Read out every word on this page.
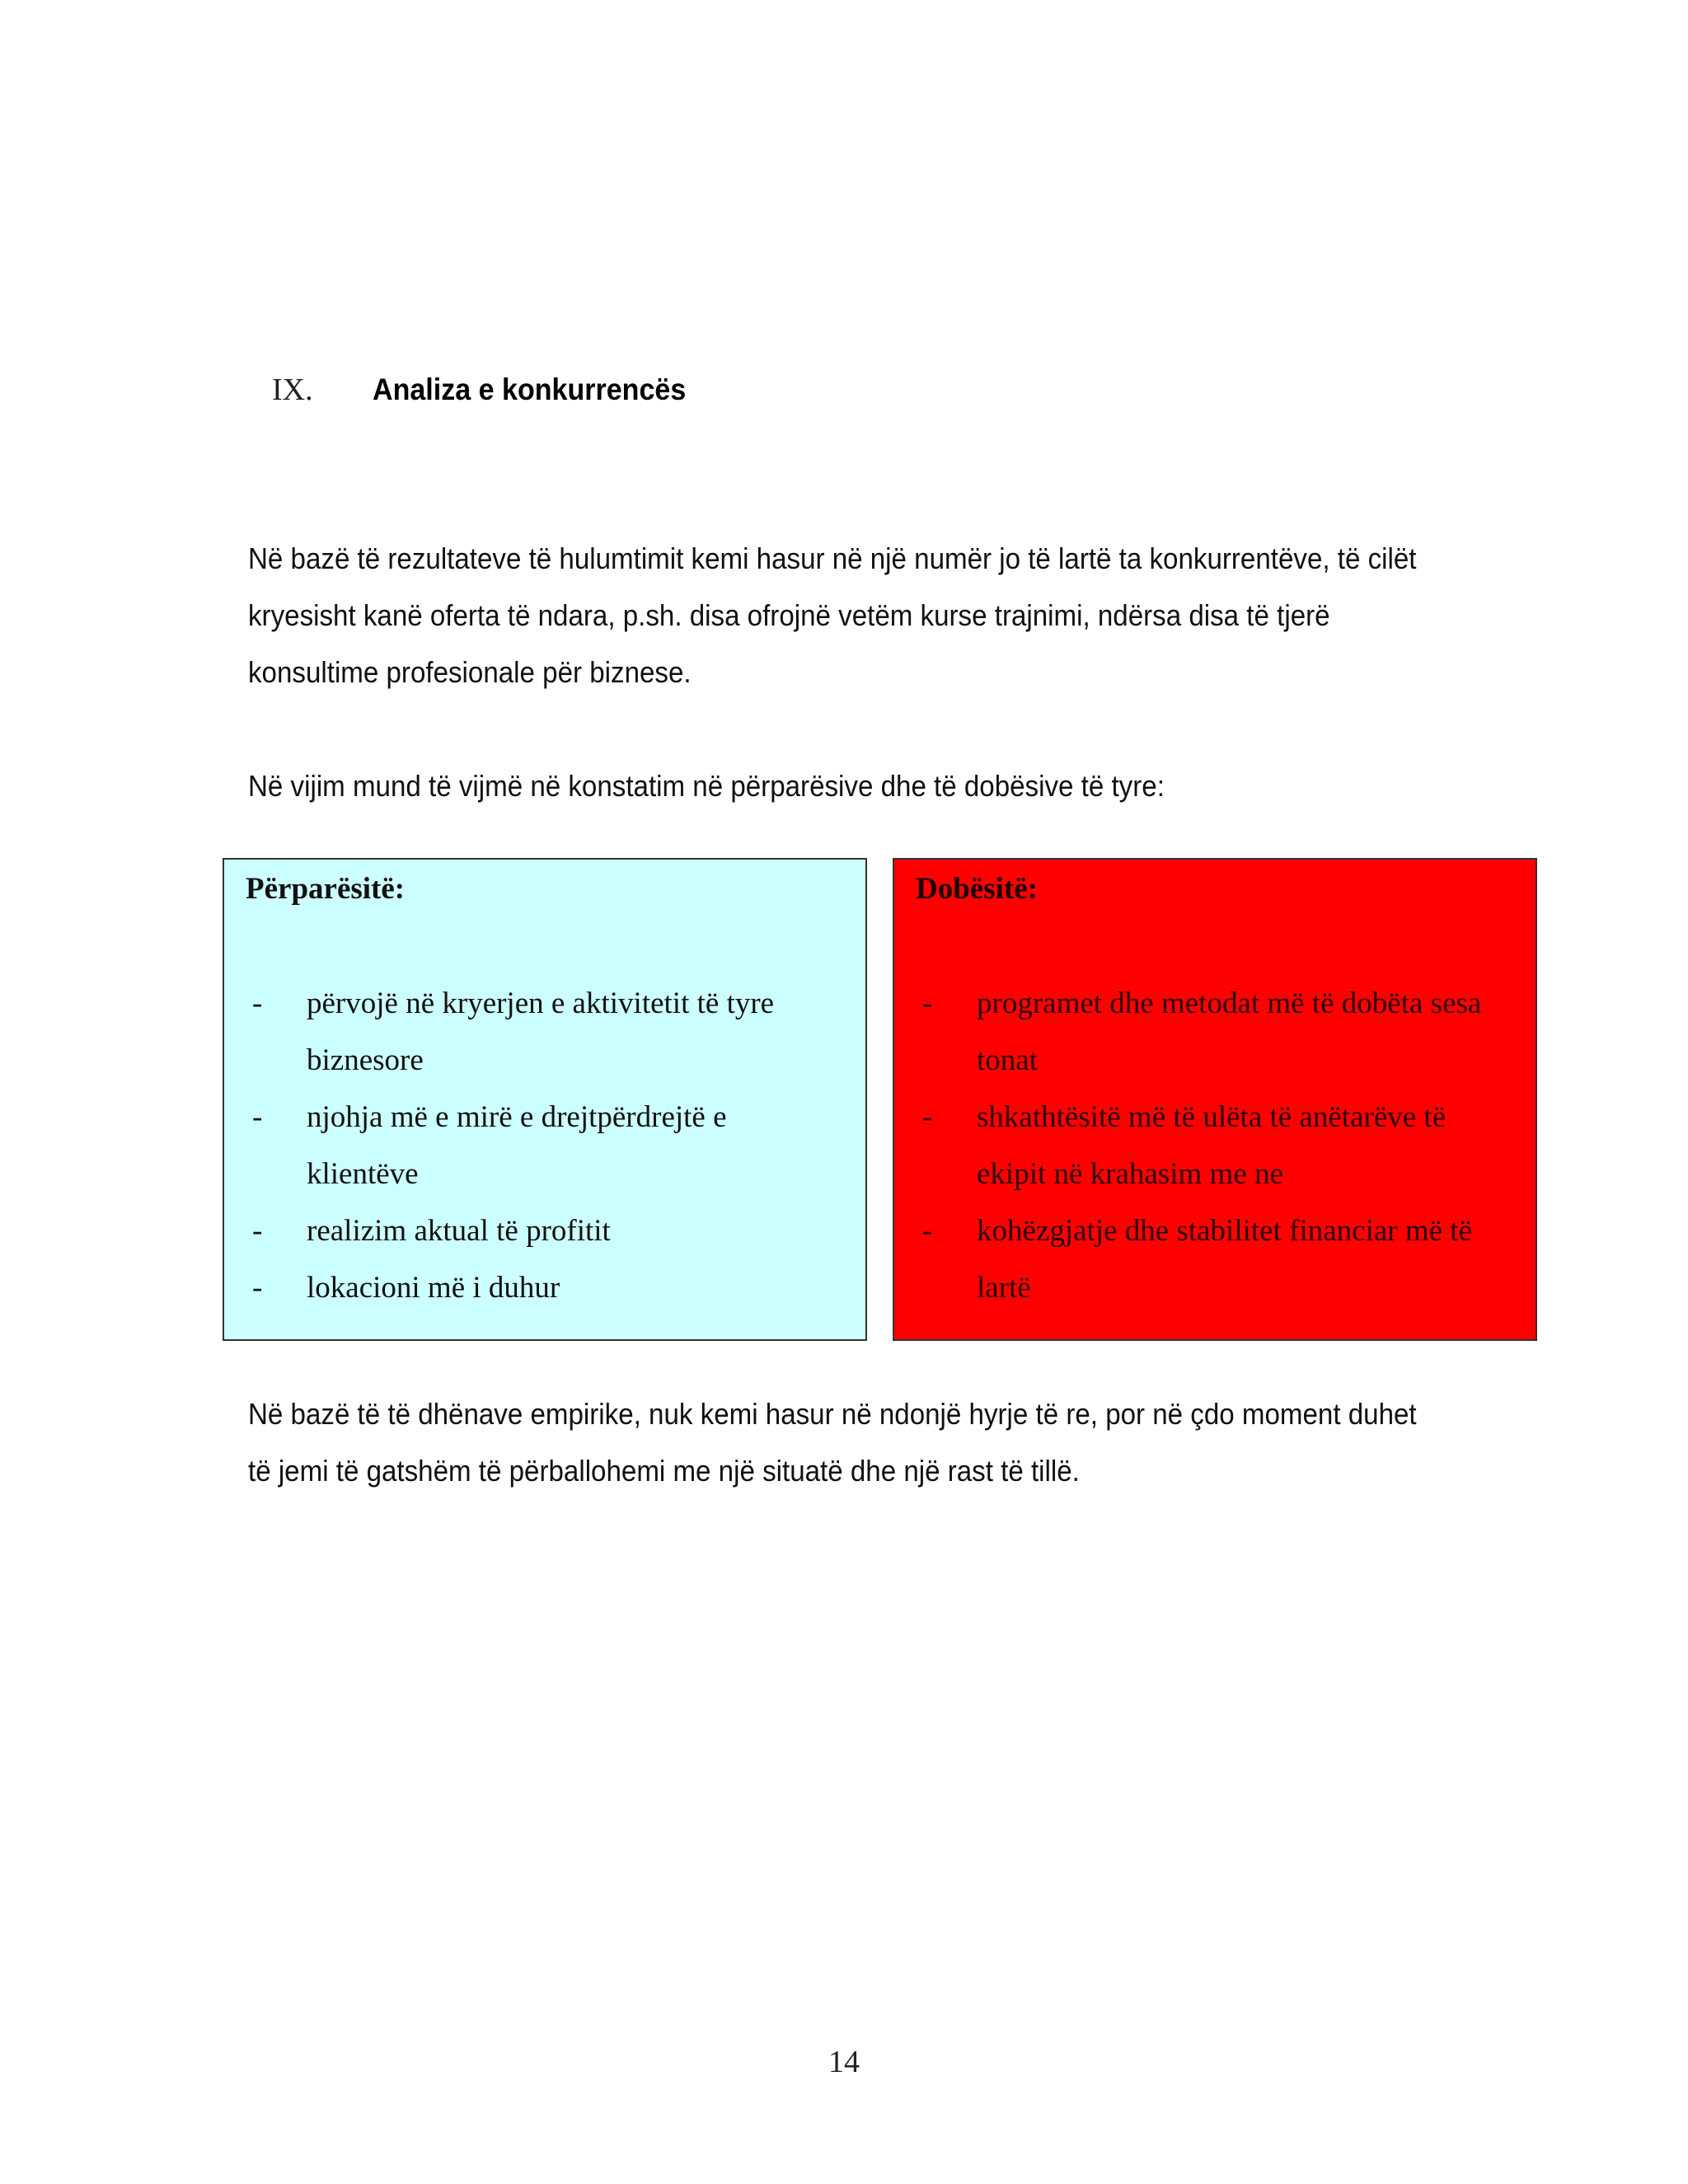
IX.	Analiza e konkurrencës

Në bazë të rezultateve të hulumtimit kemi hasur në një numër jo të lartë ta konkurrentëve, të cilët

kryesisht kanë oferta të ndara, p.sh. disa ofrojnë vetëm kurse trajnimi, ndërsa disa të tjerë

konsultime profesionale për biznese.

Në vijim mund të vijmë në konstatim në përparësive dhe të dobësive të tyre:

Përparësitë:
-	përvojë në kryerjen e aktivitetit të tyre biznesore
-	njohja më e mirë e drejtpërdrejtë e klientëve
-	realizim aktual të profitit
-	lokacioni më i duhur
Dobësitë:
-	programet dhe metodat më të dobëta sesa tonat
-	shkathtësitë më të ulëta të anëtarëve të ekipit në krahasim me ne
-	kohëzgjatje dhe stabilitet financiar më të lartë

Në bazë të të dhënave empirike, nuk kemi hasur në ndonjë hyrje të re, por në çdo moment duhet

të jemi të gatshëm të përballohemi me një situatë dhe një rast të tillë.

14
